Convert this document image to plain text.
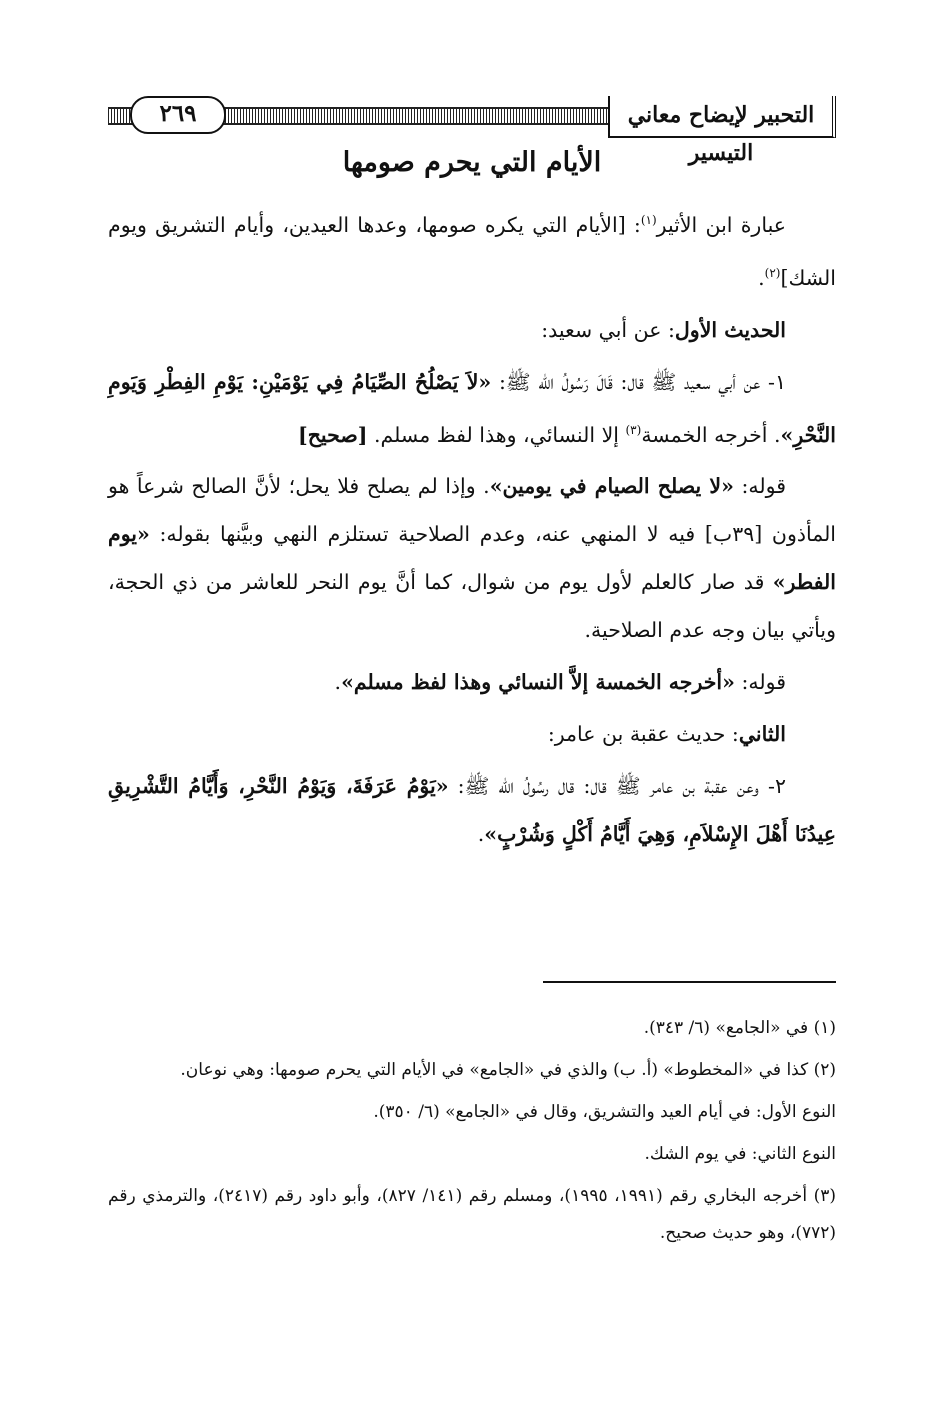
٢٦٩	التحبير لإيضاح معاني التيسير
الأيام التي يحرم صومها
عبارة ابن الأثير$^{(١)}$: [الأيام التي يكره صومها، وعدها العيدين، وأيام التشريق ويوم الشك]$^{(٢)}$.
الحديث الأول: عن أبي سعيد:
١- عن أبي سعيد ﷺ قال: قَالَ رَسُولُ الله ﷺ: «لاَ يَصْلُحُ الصِّيَامُ فِي يَوْمَيْنِ: يَوْمِ الفِطْرِ وَيَومِ النَّحْرِ». أخرجه الخمسة$^{(٣)}$ إلا النسائي، وهذا لفظ مسلم. [صحيح]
قوله: «لا يصلح الصيام في يومين». وإذا لم يصلح فلا يحل؛ لأنَّ الصالح شرعاً هو المأذون [٣٩ب] فيه لا المنهي عنه، وعدم الصلاحية تستلزم النهي وبيَّنها بقوله: «يوم الفطر» قد صار كالعلم لأول يوم من شوال، كما أنَّ يوم النحر للعاشر من ذي الحجة، ويأتي بيان وجه عدم الصلاحية.
قوله: «أخرجه الخمسة إلاَّ النسائي وهذا لفظ مسلم».
الثاني: حديث عقبة بن عامر:
٢- وعن عقبة بن عامر ﷺ قال: قال رسُولُ الله ﷺ: «يَوْمُ عَرَفَةَ، وَيَوْمُ النَّحْرِ، وَأَيَّامُ التَّشْرِيقِ عِيدُنَا أَهْلَ الإِسْلاَمِ، وَهِيَ أَيَّامُ أَكْلٍ وَشُرْبٍ».
(١) في «الجامع» (٦/ ٣٤٣).
(٢) كذا في «المخطوط» (أ. ب) والذي في «الجامع» في الأيام التي يحرم صومها: وهي نوعان.
النوع الأول: في أيام العيد والتشريق، وقال في «الجامع» (٦/ ٣٥٠).
النوع الثاني: في يوم الشك.
(٣) أخرجه البخاري رقم (١٩٩١، ١٩٩٥)، ومسلم رقم (١٤١/ ٨٢٧)، وأبو داود رقم (٢٤١٧)، والترمذي رقم (٧٧٢)، وهو حديث صحيح.
